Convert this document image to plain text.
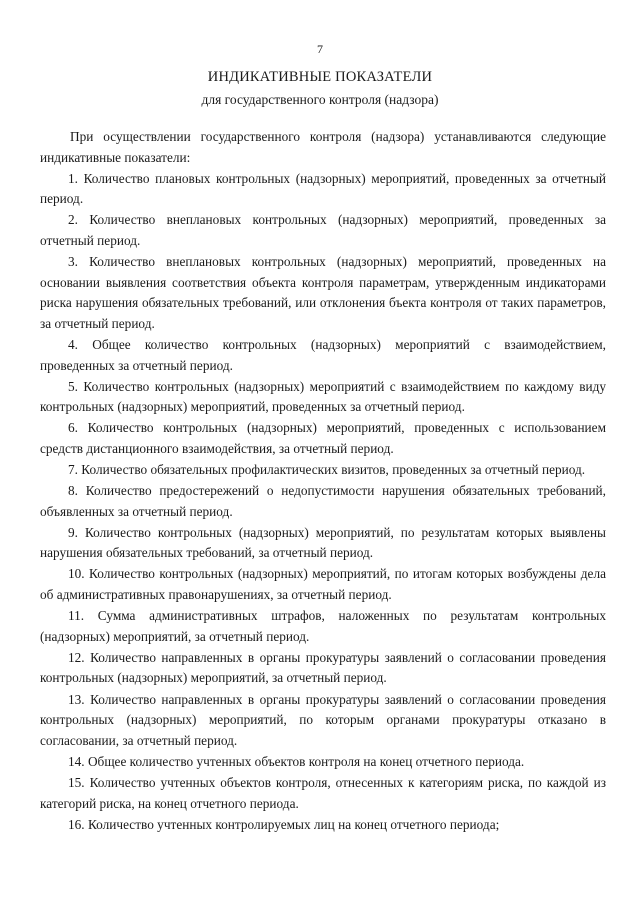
7
ИНДИКАТИВНЫЕ ПОКАЗАТЕЛИ
для государственного контроля (надзора)

При осуществлении государственного контроля (надзора) устанавливаются следующие индикативные показатели:

1. Количество плановых контрольных (надзорных) мероприятий, проведенных за отчетный период.

2. Количество внеплановых контрольных (надзорных) мероприятий, проведенных за отчетный период.

3. Количество внеплановых контрольных (надзорных) мероприятий, проведенных на основании выявления соответствия объекта контроля параметрам, утвержденным индикаторами риска нарушения обязательных требований, или отклонения бъекта контроля от таких параметров, за отчетный период.

4. Общее количество контрольных (надзорных) мероприятий с взаимодействием, проведенных за отчетный период.

5. Количество контрольных (надзорных) мероприятий с взаимодействием по каждому виду контрольных (надзорных) мероприятий, проведенных за отчетный период.

6. Количество контрольных (надзорных) мероприятий, проведенных с использованием средств дистанционного взаимодействия, за отчетный период.

7. Количество обязательных профилактических визитов, проведенных за отчетный период.

8. Количество предостережений о недопустимости нарушения обязательных требований, объявленных за отчетный период.

9. Количество контрольных (надзорных) мероприятий, по результатам которых выявлены нарушения обязательных требований, за отчетный период.

10. Количество контрольных (надзорных) мероприятий, по итогам которых возбуждены дела об административных правонарушениях, за отчетный период.

11. Сумма административных штрафов, наложенных по результатам контрольных (надзорных) мероприятий, за отчетный период.

12. Количество направленных в органы прокуратуры заявлений о согласовании проведения контрольных (надзорных) мероприятий, за отчетный период.

13. Количество направленных в органы прокуратуры заявлений о согласовании проведения контрольных (надзорных) мероприятий, по которым органами прокуратуры отказано в согласовании, за отчетный период.

14. Общее количество учтенных объектов контроля на конец отчетного периода.

15. Количество учтенных объектов контроля, отнесенных к категориям риска, по каждой из категорий риска, на конец отчетного периода.

16. Количество учтенных контролируемых лиц на конец отчетного периода;
